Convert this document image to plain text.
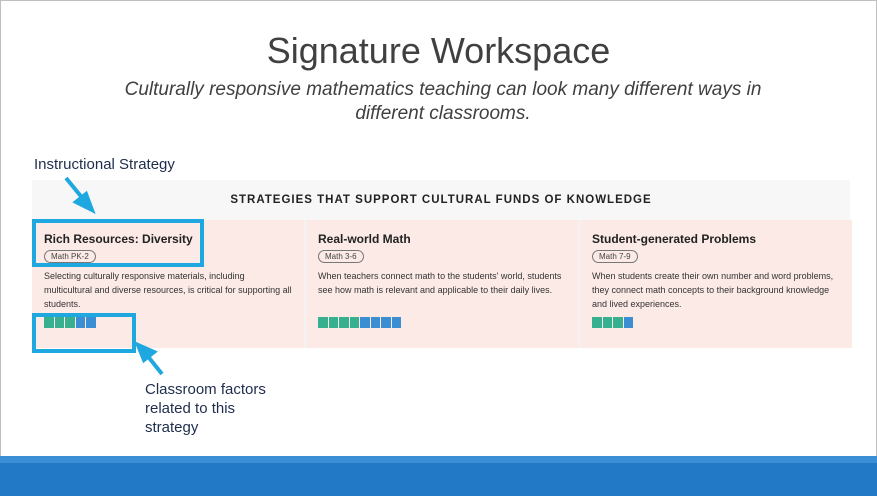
Signature Workspace
Culturally responsive mathematics teaching can look many different ways in different classrooms.
Instructional Strategy
STRATEGIES THAT SUPPORT CULTURAL FUNDS OF KNOWLEDGE
Rich Resources: Diversity
Math PK-2
Selecting culturally responsive materials, including multicultural and diverse resources, is critical for supporting all students.
Real-world Math
Math 3-6
When teachers connect math to the students' world, students see how math is relevant and applicable to their daily lives.
Student-generated Problems
Math 7-9
When students create their own number and word problems, they connect math concepts to their background knowledge and lived experiences.
Classroom factors related to this strategy
